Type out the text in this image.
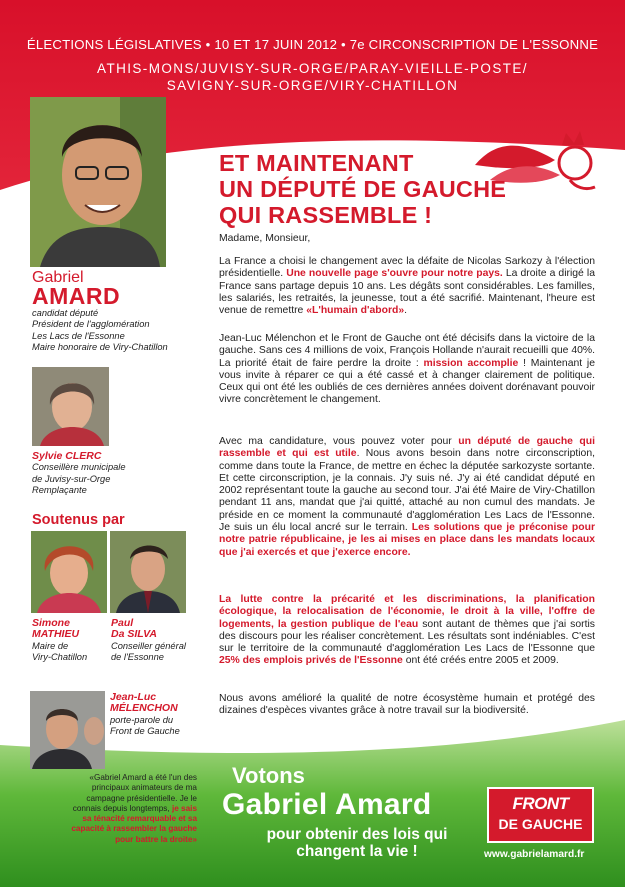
ÉLECTIONS LÉGISLATIVES • 10 ET 17 JUIN 2012 • 7e CIRCONSCRIPTION DE L'ESSONNE
ATHIS-MONS/JUVISY-SUR-ORGE/PARAY-VIEILLE-POSTE/
SAVIGNY-SUR-ORGE/VIRY-CHATILLON
Gabriel
AMARD
candidat député
Président de l'agglomération
Les Lacs de l'Essonne
Maire honoraire de Viry-Chatillon
Sylvie CLERC
Conseillère municipale
de Juvisy-sur-Orge
Remplaçante
Soutenus par
Simone
MATHIEU
Maire de
Viry-Chatillon
Paul
Da SILVA
Conseiller général
de l'Essonne
Jean-Luc
MÉLENCHON
porte-parole du
Front de Gauche
«Gabriel Amard a été l'un des principaux animateurs de ma campagne présidentielle. Je le connais depuis longtemps, je sais sa ténacité remarquable et sa capacité à rassembler la gauche pour battre la droite»
ET MAINTENANT
UN DÉPUTÉ DE GAUCHE
QUI RASSEMBLE !
Madame, Monsieur,
La France a choisi le changement avec la défaite de Nicolas Sarkozy à l'élection présidentielle. Une nouvelle page s'ouvre pour notre pays. La droite a dirigé la France sans partage depuis 10 ans. Les dégâts sont considérables. Les familles, les salariés, les retraités, la jeunesse, tout a été sacrifié. Maintenant, l'heure est venue de remettre «L'humain d'abord».
Jean-Luc Mélenchon et le Front de Gauche ont été décisifs dans la victoire de la gauche. Sans ces 4 millions de voix, François Hollande n'aurait recueilli que 40%. La priorité était de faire perdre la droite : mission accomplie ! Maintenant je vous invite à réparer ce qui a été cassé et à changer clairement de politique. Ceux qui ont été les oubliés de ces dernières années doivent dorénavant pouvoir vivre concrètement le changement.
Avec ma candidature, vous pouvez voter pour un député de gauche qui rassemble et qui est utile. Nous avons besoin dans notre circonscription, comme dans toute la France, de mettre en échec la députée sarkozyste sortante. Et cette circonscription, je la connais. J'y suis né. J'y ai été candidat député en 2002 représentant toute la gauche au second tour. J'ai été Maire de Viry-Chatillon pendant 11 ans, mandat que j'ai quitté, attaché au non cumul des mandats. Je préside en ce moment la communauté d'agglomération Les Lacs de l'Essonne. Je suis un élu local ancré sur le terrain. Les solutions que je préconise pour notre patrie républicaine, je les ai mises en place dans les mandats locaux que j'ai exercés et que j'exerce encore.
La lutte contre la précarité et les discriminations, la planification écologique, la relocalisation de l'économie, le droit à la ville, l'offre de logements, la gestion publique de l'eau sont autant de thèmes que j'ai sortis des discours pour les réaliser concrètement. Les résultats sont indéniables. C'est sur le territoire de la communauté d'agglomération Les Lacs de l'Essonne que 25% des emplois privés de l'Essonne ont été créés entre 2005 et 2009.
Nous avons amélioré la qualité de notre écosystème humain et protégé des dizaines d'espèces vivantes grâce à notre travail sur la biodiversité.
Votons
Gabriel Amard
pour obtenir des lois qui
changent la vie !
FRONT
DE GAUCHE
www.gabrielamard.fr
